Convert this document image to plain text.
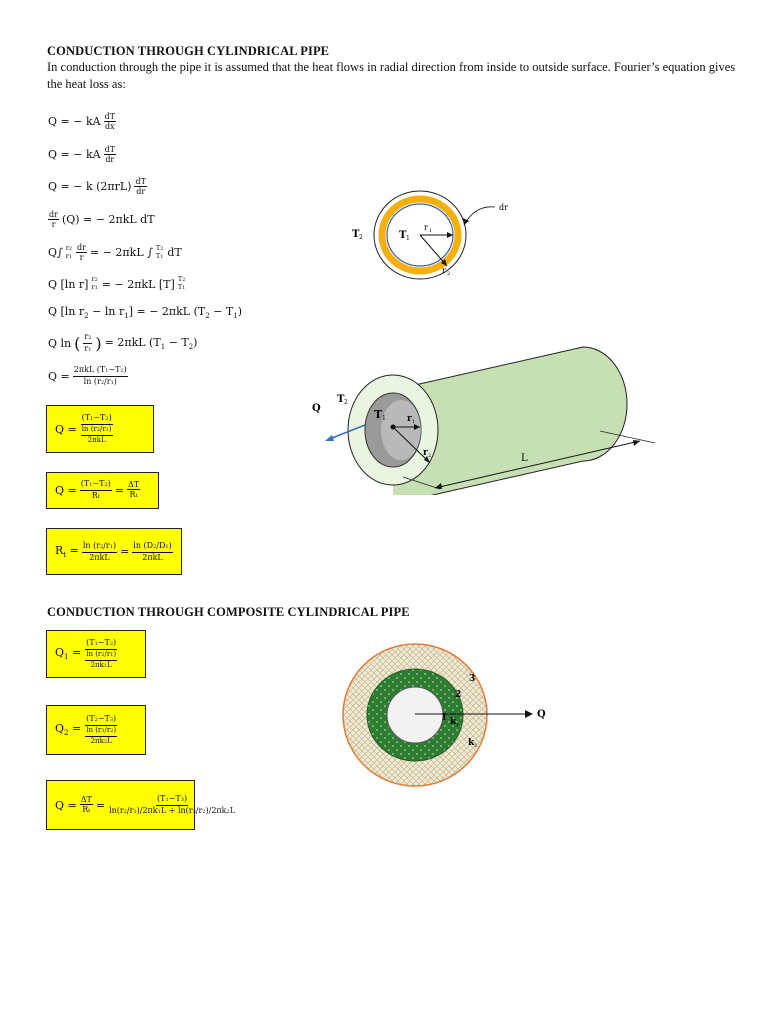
CONDUCTION THROUGH CYLINDRICAL PIPE
In conduction through the pipe it is assumed that the heat flows in radial direction from inside to outside surface. Fourier’s equation gives the heat loss as:
Q = − kA $\frac{dT}{dx}$
Q = − kA $\frac{dT}{dr}$
Q = − k $(2\pi rL) \frac{dT}{dr}$
$\frac{dr}{r} (Q)$ = − 2πkL dT
Q∫ r2
$r1 \frac{dr}{r}$ = − 2πkL ∫ T2
T1 dT
Q [ln r] r2
r1 = − 2πkL [T] T2
T1
Q [ln $r_2 - \ln r_1$] = − 2πkL $(T_2 - T_1)$
Q ln ( $\frac{r2}{r1}$ ) = 2πkL $(T_1 - T_2)$
$Q = \frac{\text{2πkL (T1−T2)}}{\ln (r2/r1)}$
$Q = \frac{(T1-T2)}{\frac{\ln (r2/r1)}{\text{2πkL}}}$
$Q = \frac{(T1-T2)}{Rt} = \frac{\Delta T}{Rt}$
$R_t = \frac{\ln (r2/r1)}{\text{2πkL}} = \frac{\ln (D2/D1)}{\text{2πkL}}$
T 1
T 2
r 1
r 2
dr
Q
T 2
T 1 r 1
r 2	L
CONDUCTION THROUGH COMPOSITE CYLINDRICAL PIPE
$Q_1 = \frac{(T1-T2)}{\frac{\ln (r2/r1)}{2\pi k1L}}$
$Q_2 = \frac{(T2-T3)}{\frac{\ln (r3/r2)}{2\pi k2L}}$
$Q = \frac{\Delta T}{Rt} = \frac{(T1-T3)}{\ln(r2/r1)/2\pi k1L + \ln(r3/r2)/2\pi k2L}$
Q
1
2
3
k 1
k 2
